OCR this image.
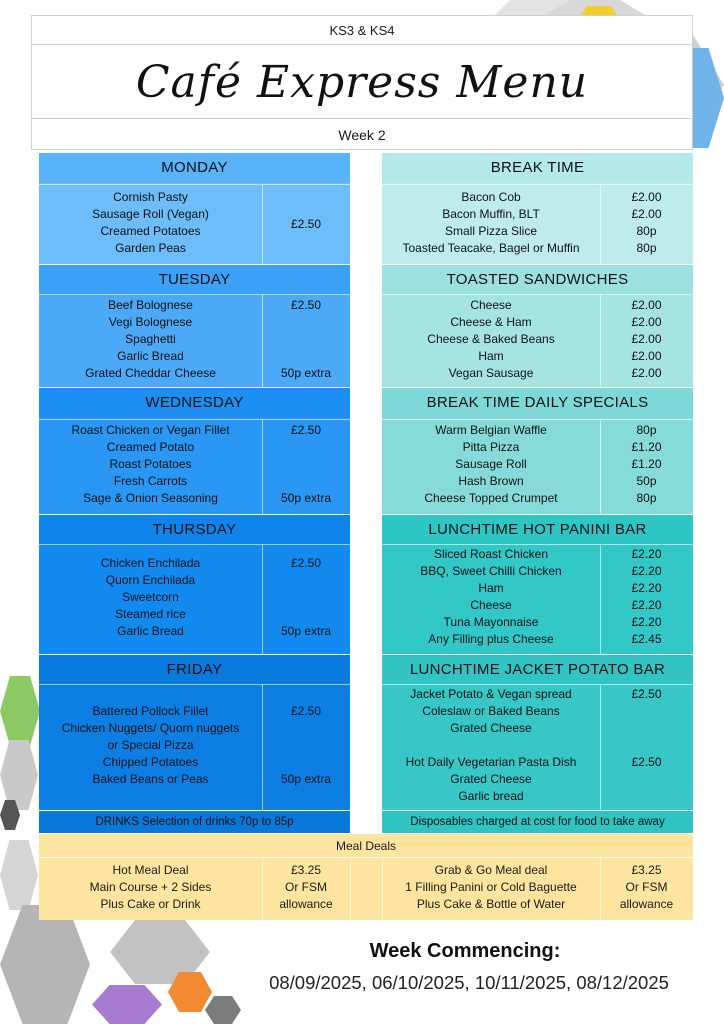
KS3 & KS4
Café Express Menu
Week 2
MONDAY
Cornish Pasty
Sausage Roll (Vegan)
Creamed Potatoes
Garden Peas
£2.50
TUESDAY
Beef Bolognese
Vegi Bolognese
Spaghetti
Garlic Bread
Grated Cheddar Cheese
£2.50
50p extra
WEDNESDAY
Roast Chicken or Vegan Fillet
Creamed Potato
Roast Potatoes
Fresh Carrots
Sage & Onion Seasoning
£2.50
50p extra
THURSDAY
Chicken Enchilada
Quorn Enchilada
Sweetcorn
Steamed rice
Garlic Bread
£2.50
50p extra
FRIDAY
Battered Pollock Fillet
Chicken Nuggets/ Quorn nuggets
or Special Pizza
Chipped Potatoes
Baked Beans or Peas
£2.50
50p extra
BREAK TIME
Bacon Cob
Bacon Muffin, BLT
Small Pizza Slice
Toasted Teacake, Bagel or Muffin
£2.00
£2.00
80p
80p
TOASTED SANDWICHES
Cheese
Cheese & Ham
Cheese & Baked Beans
Ham
Vegan Sausage
£2.00
£2.00
£2.00
£2.00
£2.00
BREAK TIME DAILY SPECIALS
Warm Belgian Waffle
Pitta Pizza
Sausage Roll
Hash Brown
Cheese Topped Crumpet
80p
£1.20
£1.20
50p
80p
LUNCHTIME HOT PANINI BAR
Sliced Roast Chicken
BBQ, Sweet Chilli Chicken
Ham
Cheese
Tuna Mayonnaise
Any Filling plus Cheese
£2.20
£2.20
£2.20
£2.20
£2.20
£2.45
LUNCHTIME JACKET POTATO BAR
Jacket Potato & Vegan spread
Coleslaw or Baked Beans
Grated Cheese
Hot Daily Vegetarian Pasta Dish
Grated Cheese
Garlic bread
£2.50
£2.50
DRINKS Selection of drinks 70p to 85p	Disposables charged at cost for food to take away
Meal Deals
Hot Meal Deal
Main Course + 2 Sides
Plus Cake or Drink
£3.25
Or FSM
allowance
Grab & Go Meal deal
1 Filling Panini or Cold Baguette
Plus Cake & Bottle of Water
£3.25
Or FSM
allowance
Week Commencing:
08/09/2025, 06/10/2025, 10/11/2025, 08/12/2025
